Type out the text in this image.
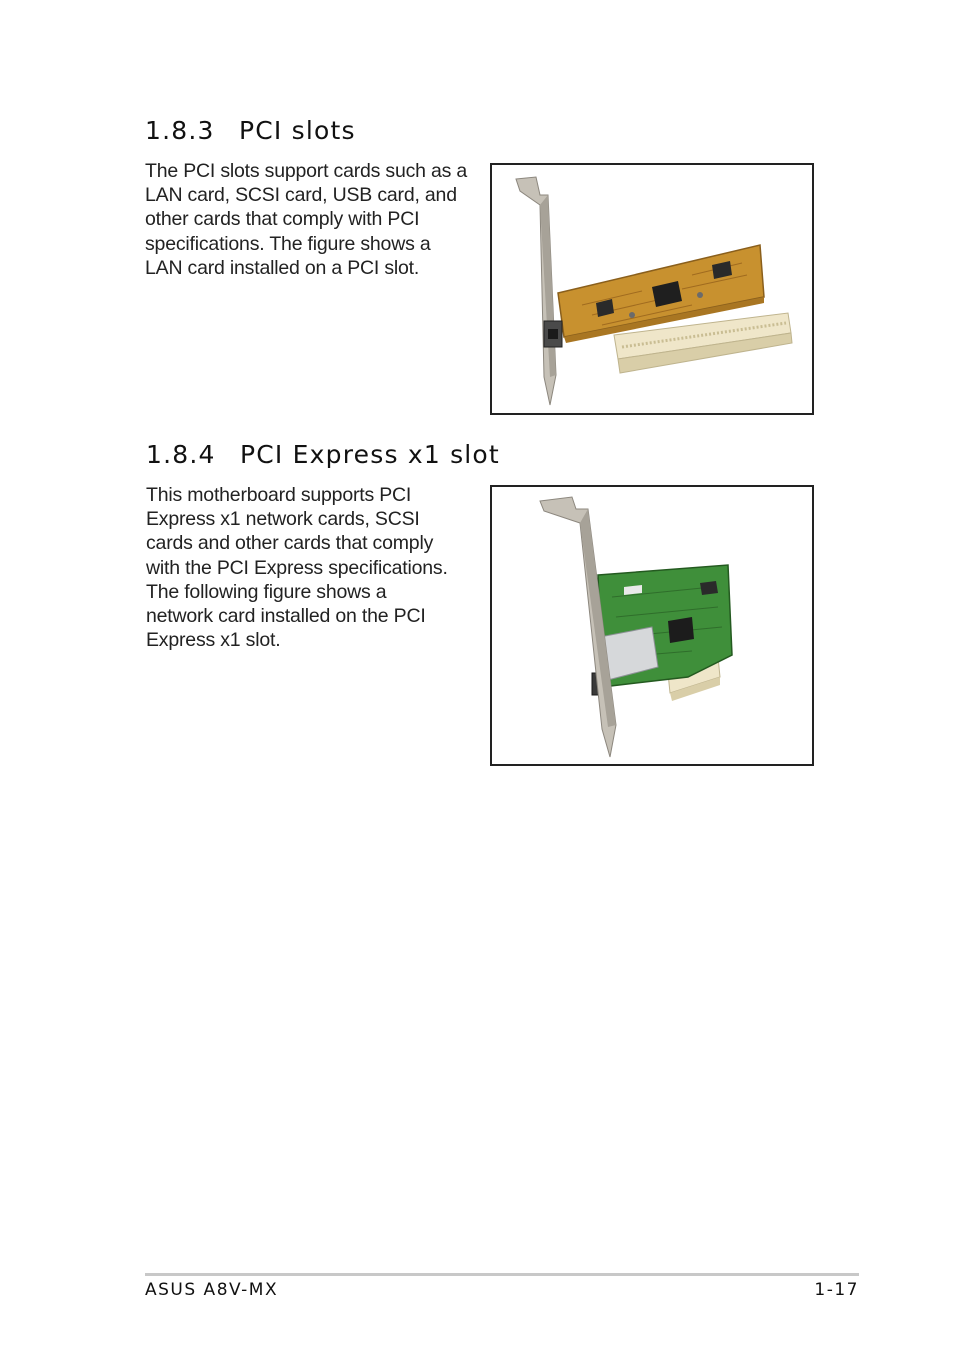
1.8.3 PCI slots

The PCI slots support cards such as a
LAN card, SCSI card, USB card, and
other cards that comply with PCI
specifications. The figure shows a
LAN card installed on a PCI slot.

1.8.4 PCI Express x1 slot

This motherboard supports PCI
Express x1 network cards, SCSI
cards and other cards that comply
with the PCI Express specifications.
The following figure shows a
network card installed on the PCI
Express x1 slot.

ASUS A8V-MX	1-17
